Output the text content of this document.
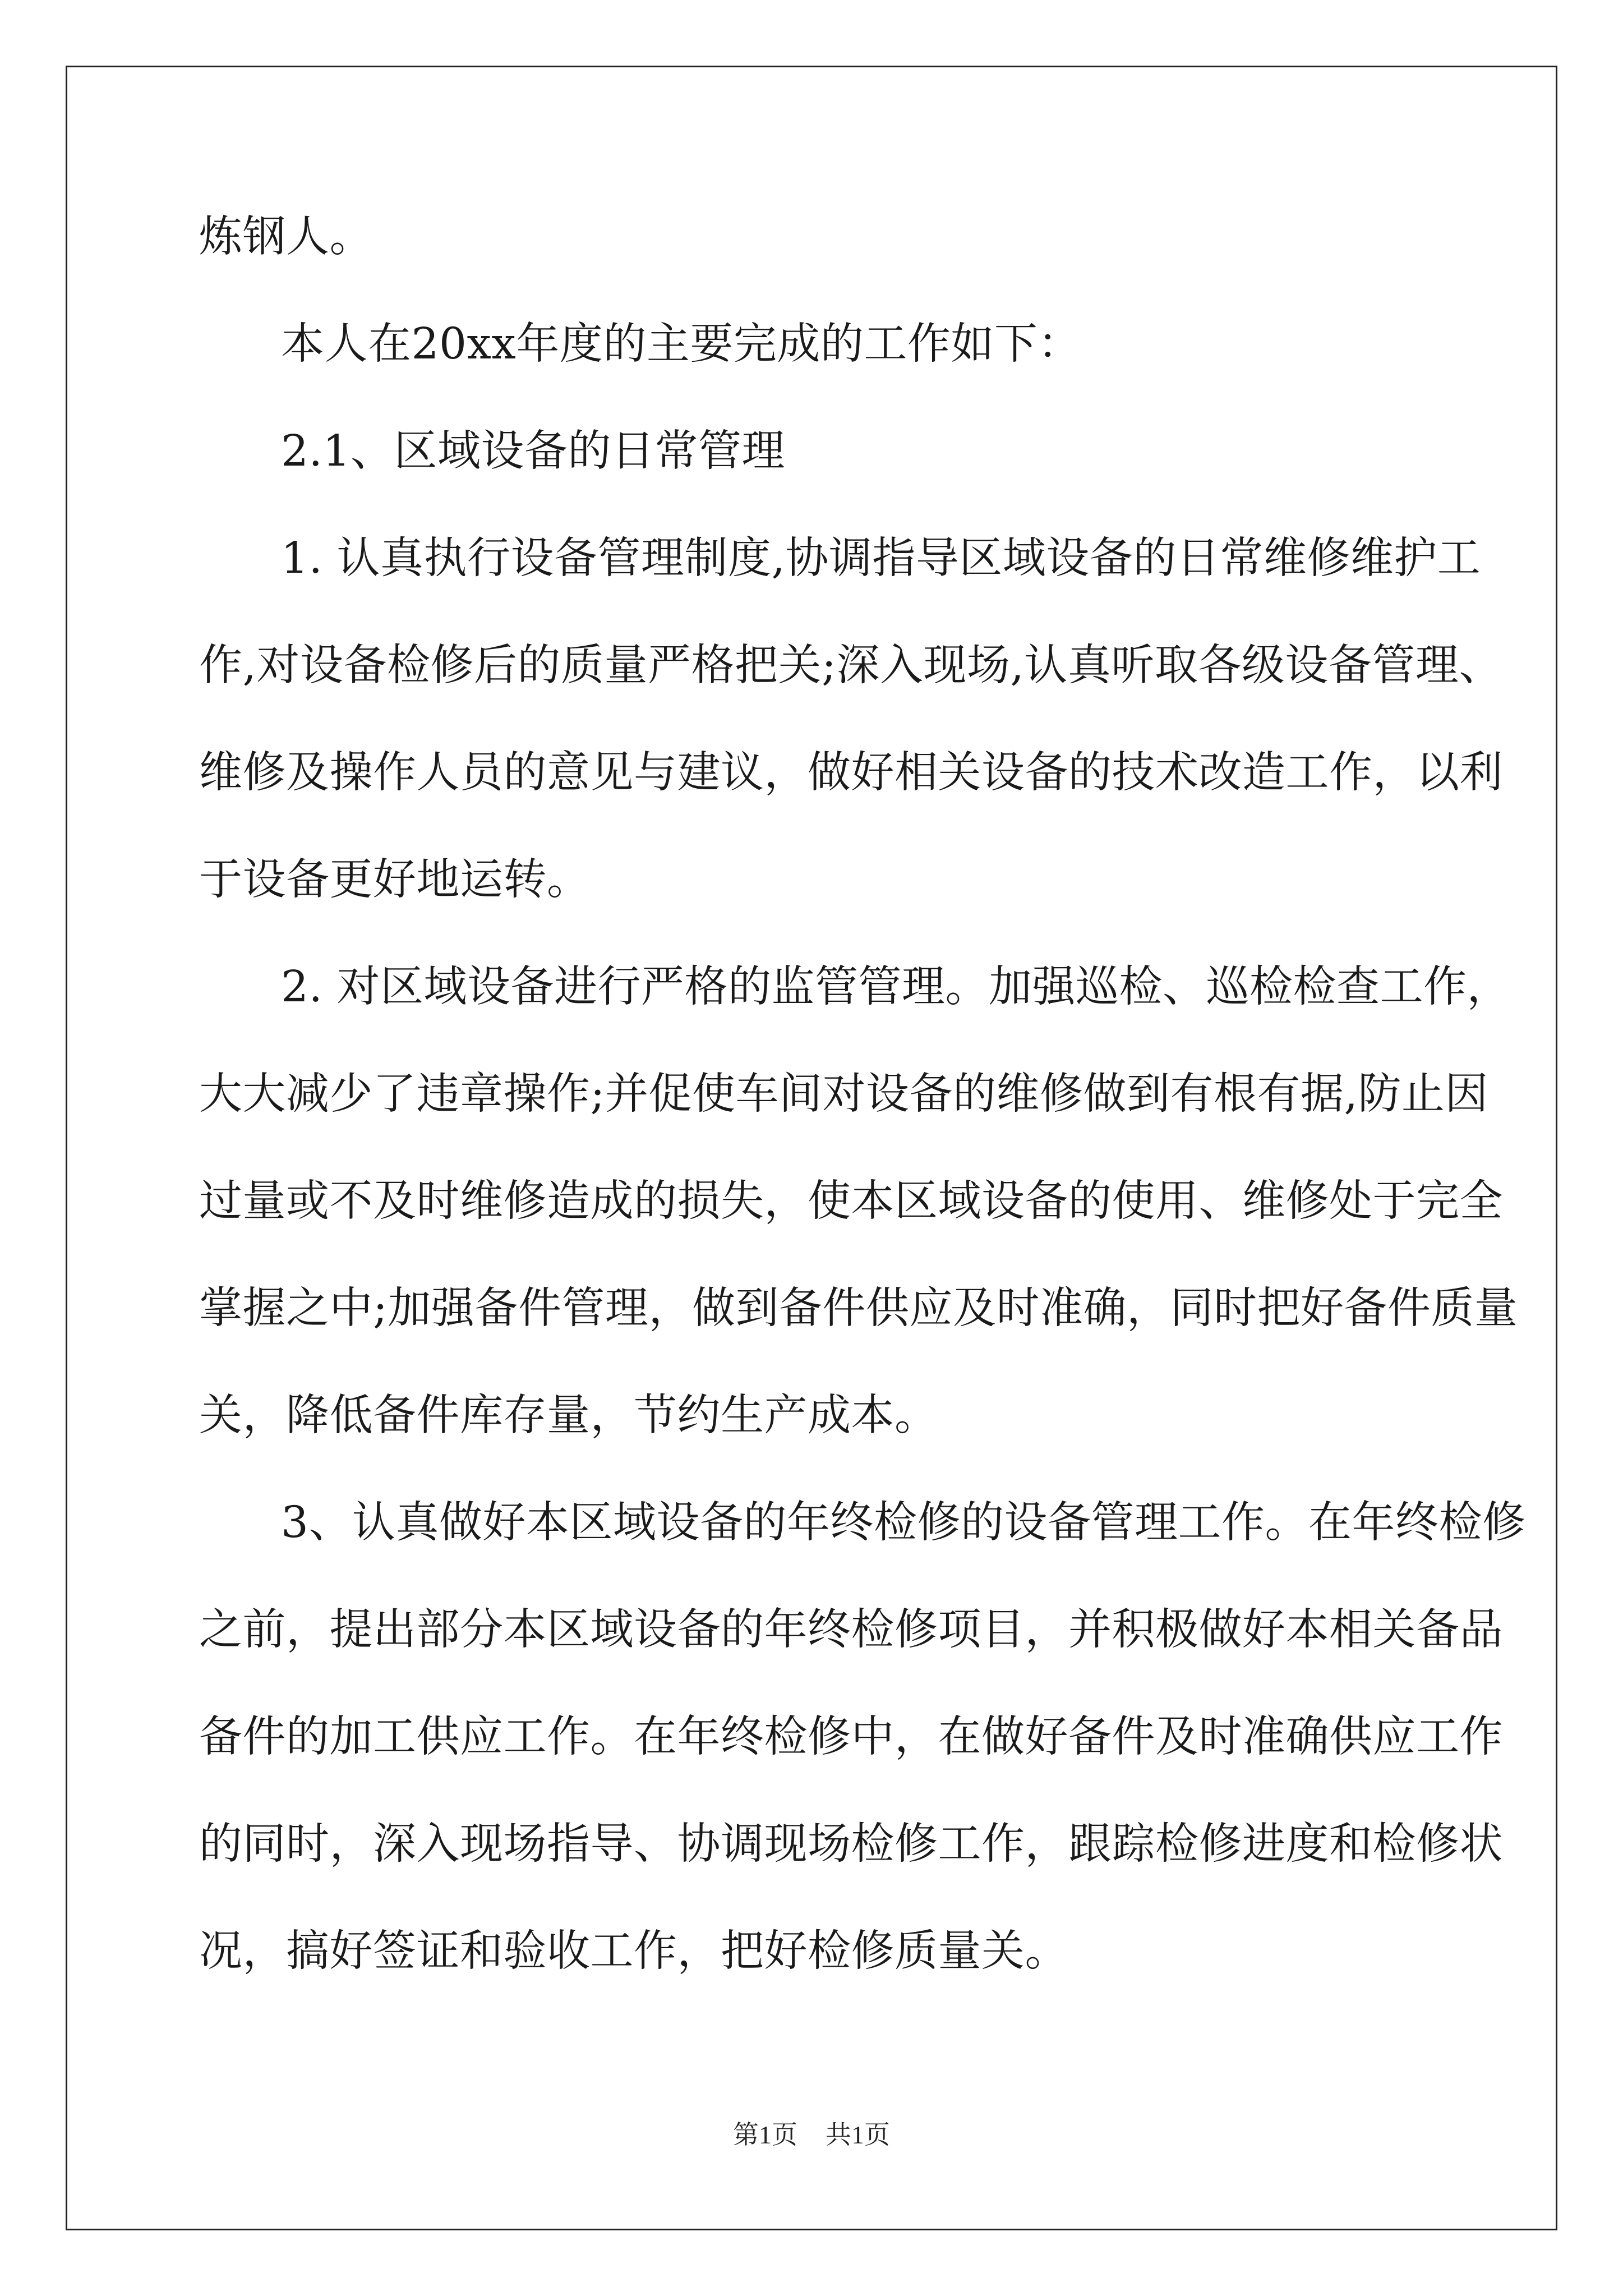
炼钢人。
本人在20xx年度的主要完成的工作如下：
2.1、区域设备的日常管理
1. 认真执行设备管理制度,协调指导区域设备的日常维修维护工
作,对设备检修后的质量严格把关;深入现场,认真听取各级设备管理、
维修及操作人员的意见与建议，做好相关设备的技术改造工作，以利
于设备更好地运转。
2. 对区域设备进行严格的监管管理。加强巡检、巡检检查工作，
大大减少了违章操作;并促使车间对设备的维修做到有根有据,防止因
过量或不及时维修造成的损失，使本区域设备的使用、维修处于完全
掌握之中;加强备件管理，做到备件供应及时准确，同时把好备件质量
关，降低备件库存量，节约生产成本。
3、认真做好本区域设备的年终检修的设备管理工作。在年终检修
之前，提出部分本区域设备的年终检修项目，并积极做好本相关备品
备件的加工供应工作。在年终检修中，在做好备件及时准确供应工作
的同时，深入现场指导、协调现场检修工作，跟踪检修进度和检修状
况，搞好签证和验收工作，把好检修质量关。
第1页 共1页
